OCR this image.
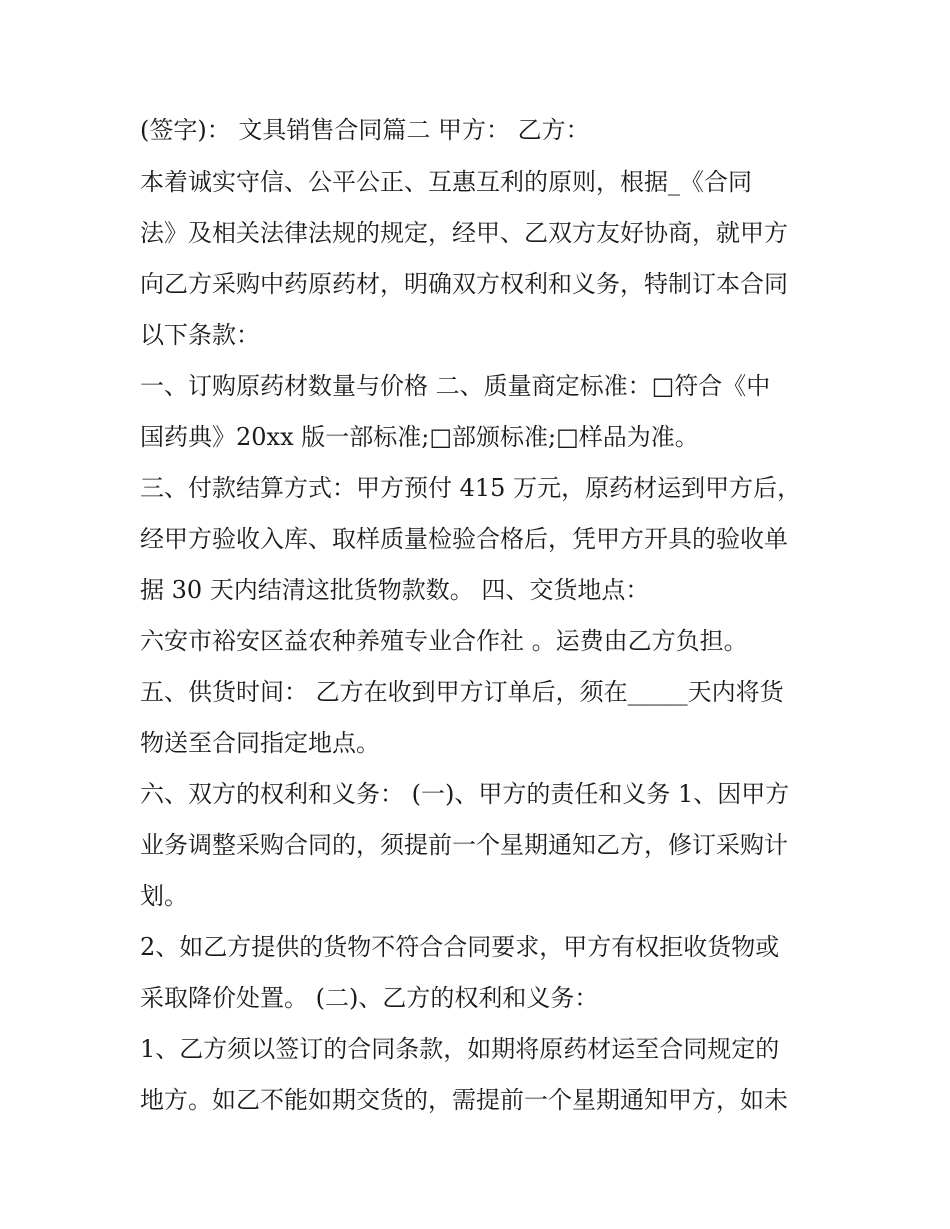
(签字)： 文具销售合同篇二 甲方： 乙方：
本着诚实守信、公平公正、互惠互利的原则，根据_《合同
法》及相关法律法规的规定，经甲、乙双方友好协商，就甲方
向乙方采购中药原药材，明确双方权利和义务，特制订本合同
以下条款：
一、订购原药材数量与价格 二、质量商定标准：□符合《中
国药典》20xx 版一部标准;□部颁标准;□样品为准。
三、付款结算方式：甲方预付 415 万元，原药材运到甲方后，
经甲方验收入库、取样质量检验合格后，凭甲方开具的验收单
据 30 天内结清这批货物款数。 四、交货地点：
六安市裕安区益农种养殖专业合作社 。运费由乙方负担。
五、供货时间： 乙方在收到甲方订单后，须在_____天内将货
物送至合同指定地点。
六、双方的权利和义务： (一)、甲方的责任和义务 1、因甲方
业务调整采购合同的，须提前一个星期通知乙方，修订采购计
划。
2、如乙方提供的货物不符合合同要求，甲方有权拒收货物或
采取降价处置。 (二)、乙方的权利和义务：
1、乙方须以签订的合同条款，如期将原药材运至合同规定的
地方。如乙不能如期交货的，需提前一个星期通知甲方，如未
